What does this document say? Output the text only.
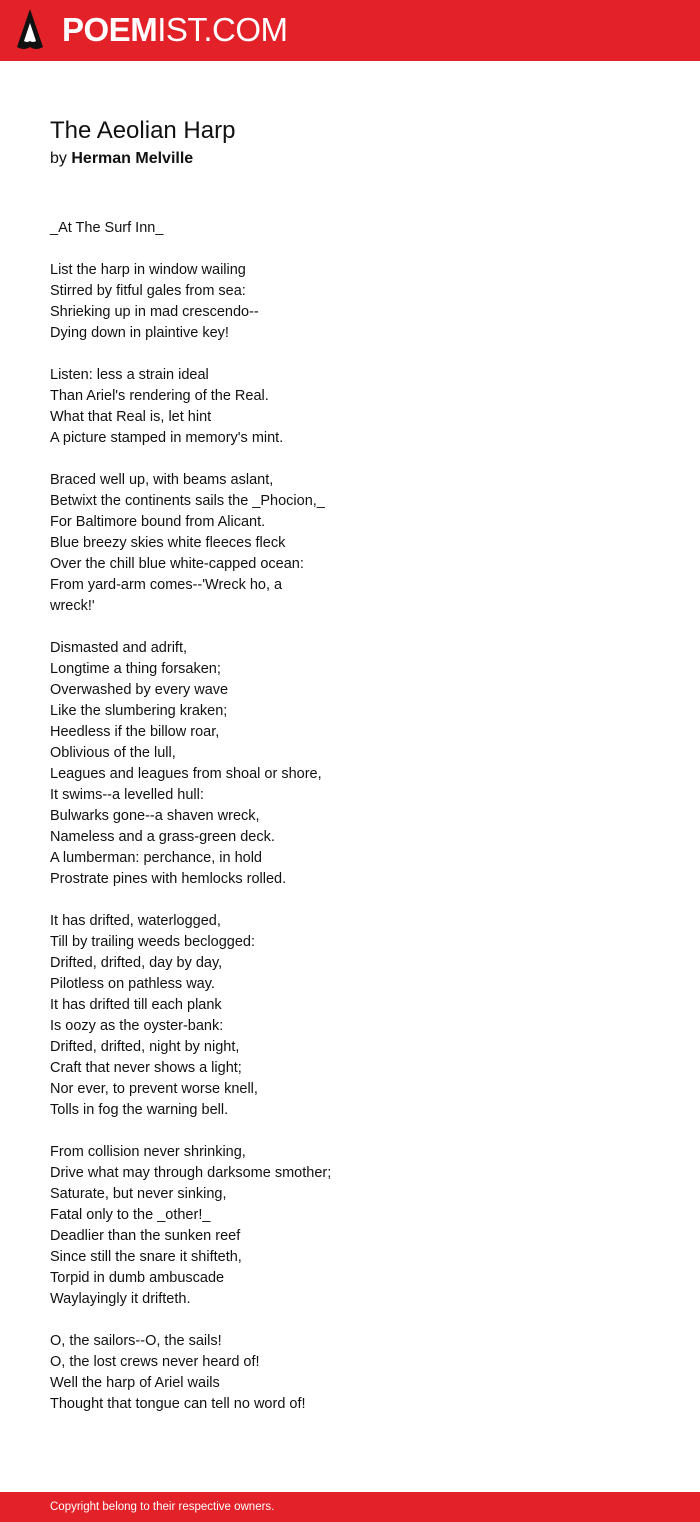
POEMIST.COM
The Aeolian Harp
by Herman Melville
_At The Surf Inn_
List the harp in window wailing
Stirred by fitful gales from sea:
Shrieking up in mad crescendo--
Dying down in plaintive key!
Listen: less a strain ideal
Than Ariel's rendering of the Real.
What that Real is, let hint
A picture stamped in memory's mint.
Braced well up, with beams aslant,
Betwixt the continents sails the _Phocion,_
For Baltimore bound from Alicant.
Blue breezy skies white fleeces fleck
Over the chill blue white-capped ocean:
From yard-arm comes--'Wreck ho, a
wreck!'
Dismasted and adrift,
Longtime a thing forsaken;
Overwashed by every wave
Like the slumbering kraken;
Heedless if the billow roar,
Oblivious of the lull,
Leagues and leagues from shoal or shore,
It swims--a levelled hull:
Bulwarks gone--a shaven wreck,
Nameless and a grass-green deck.
A lumberman: perchance, in hold
Prostrate pines with hemlocks rolled.
It has drifted, waterlogged,
Till by trailing weeds beclogged:
Drifted, drifted, day by day,
Pilotless on pathless way.
It has drifted till each plank
Is oozy as the oyster-bank:
Drifted, drifted, night by night,
Craft that never shows a light;
Nor ever, to prevent worse knell,
Tolls in fog the warning bell.
From collision never shrinking,
Drive what may through darksome smother;
Saturate, but never sinking,
Fatal only to the _other!_
Deadlier than the sunken reef
Since still the snare it shifteth,
Torpid in dumb ambuscade
Waylayingly it drifteth.
O, the sailors--O, the sails!
O, the lost crews never heard of!
Well the harp of Ariel wails
Thought that tongue can tell no word of!
Copyright belong to their respective owners.
